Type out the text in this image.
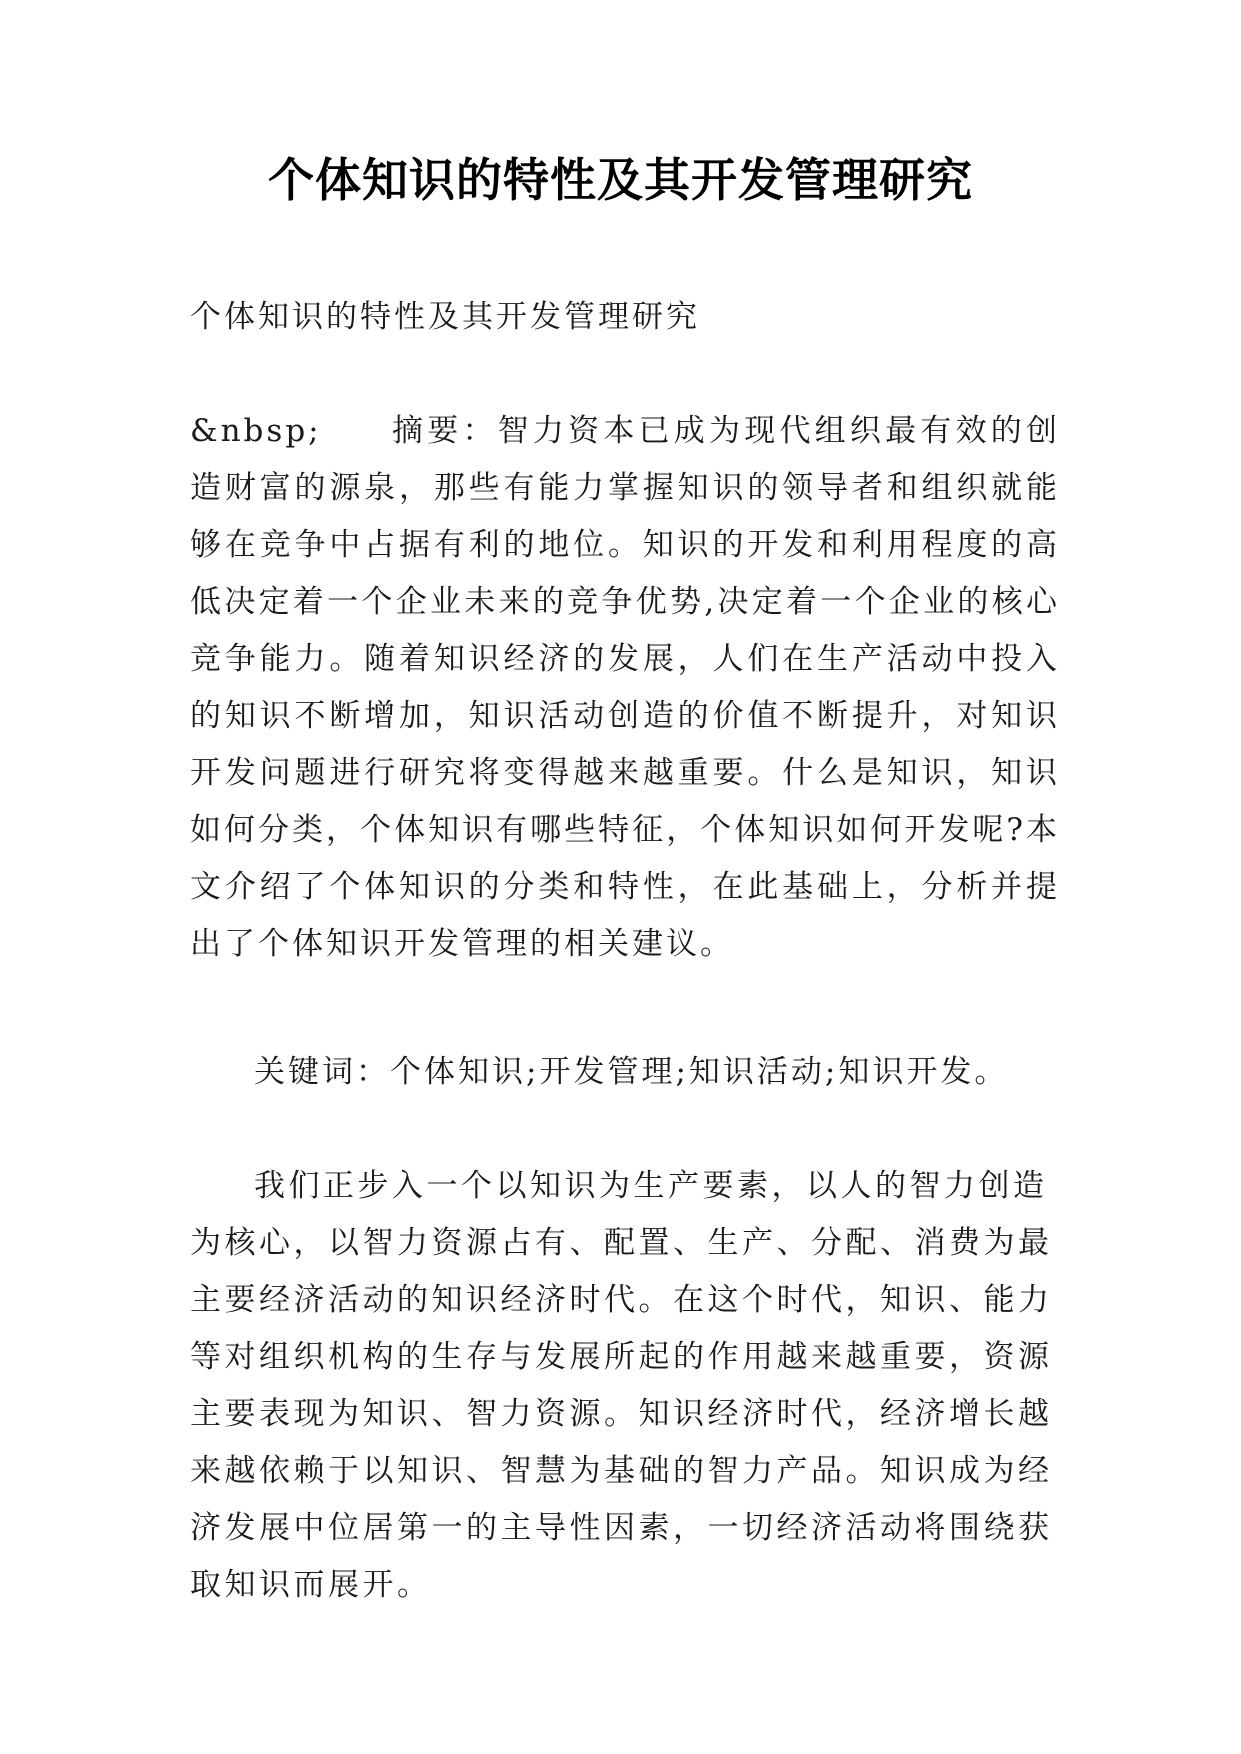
个体知识的特性及其开发管理研究

个体知识的特性及其开发管理研究

&nbsp;     摘要：智力资本已成为现代组织最有效的创造财富的源泉，那些有能力掌握知识的领导者和组织就能够在竞争中占据有利的地位。知识的开发和利用程度的高低决定着一个企业未来的竞争优势,决定着一个企业的核心竞争能力。随着知识经济的发展，人们在生产活动中投入的知识不断增加，知识活动创造的价值不断提升，对知识开发问题进行研究将变得越来越重要。什么是知识，知识如何分类，个体知识有哪些特征，个体知识如何开发呢?本文介绍了个体知识的分类和特性，在此基础上，分析并提出了个体知识开发管理的相关建议。

关键词：个体知识;开发管理;知识活动;知识开发。

我们正步入一个以知识为生产要素，以人的智力创造为核心，以智力资源占有、配置、生产、分配、消费为最主要经济活动的知识经济时代。在这个时代，知识、能力等对组织机构的生存与发展所起的作用越来越重要，资源主要表现为知识、智力资源。知识经济时代，经济增长越来越依赖于以知识、智慧为基础的智力产品。知识成为经济发展中位居第一的主导性因素，一切经济活动将围绕获取知识而展开。
